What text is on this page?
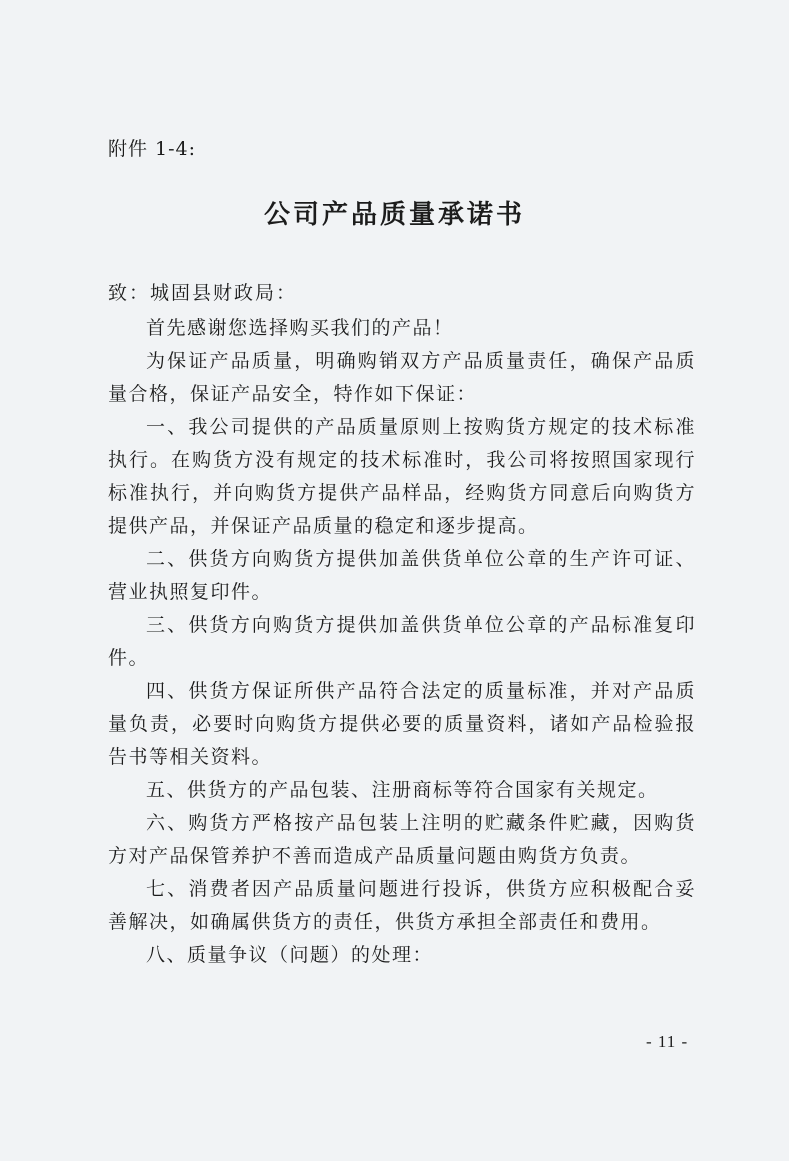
附件 1-4:
公司产品质量承诺书
致：城固县财政局：

首先感谢您选择购买我们的产品！

为保证产品质量，明确购销双方产品质量责任，确保产品质量合格，保证产品安全，特作如下保证：

一、我公司提供的产品质量原则上按购货方规定的技术标准执行。在购货方没有规定的技术标准时，我公司将按照国家现行标准执行，并向购货方提供产品样品，经购货方同意后向购货方提供产品，并保证产品质量的稳定和逐步提高。

二、供货方向购货方提供加盖供货单位公章的生产许可证、营业执照复印件。

三、供货方向购货方提供加盖供货单位公章的产品标准复印件。

四、供货方保证所供产品符合法定的质量标准，并对产品质量负责，必要时向购货方提供必要的质量资料，诸如产品检验报告书等相关资料。

五、供货方的产品包装、注册商标等符合国家有关规定。

六、购货方严格按产品包装上注明的贮藏条件贮藏，因购货方对产品保管养护不善而造成产品质量问题由购货方负责。

七、消费者因产品质量问题进行投诉，供货方应积极配合妥善解决，如确属供货方的责任，供货方承担全部责任和费用。

八、质量争议（问题）的处理：

- 11 -
